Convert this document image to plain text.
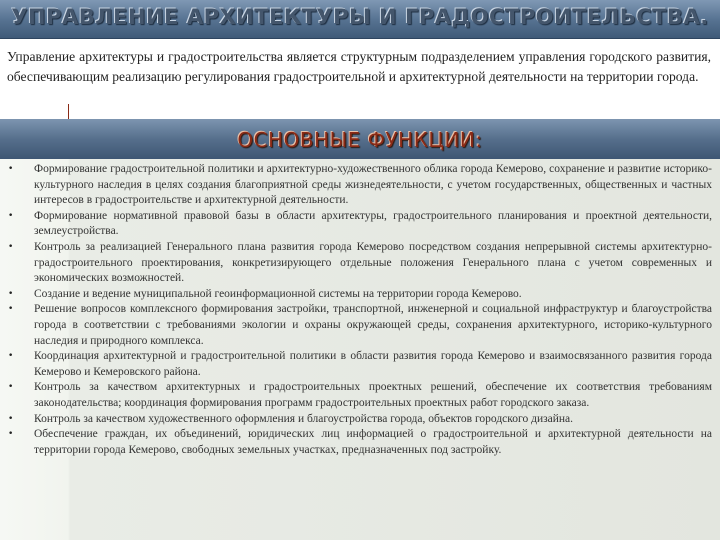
УПРАВЛЕНИЕ АРХИТЕКТУРЫ И ГРАДОСТРОИТЕЛЬСТВА.
Управление архитектуры и градостроительства является структурным подразделением управления городского развития, обеспечивающим реализацию регулирования градостроительной и архитектурной деятельности на территории города.
ОСНОВНЫЕ ФУНКЦИИ:
•	Формирование градостроительной политики и архитектурно-художественного облика города Кемерово, сохранение и развитие историко-культурного наследия в целях создания благоприятной среды жизнедеятельности, с учетом государственных, общественных и частных интересов в градостроительстве и архитектурной деятельности.
•	Формирование нормативной правовой базы в области архитектуры, градостроительного планирования и проектной деятельности, землеустройства.
•	Контроль за реализацией Генерального плана развития города Кемерово посредством создания непрерывной системы архитектурно-градостроительного проектирования, конкретизирующего отдельные положения Генерального плана с учетом современных и экономических возможностей.
•	Создание и ведение муниципальной геоинформационной системы на территории города Кемерово.
•	Решение вопросов комплексного формирования застройки, транспортной, инженерной и социальной инфраструктур и благоустройства города в соответствии с требованиями экологии и охраны окружающей среды, сохранения архитектурного, историко-культурного наследия и природного комплекса.
•	Координация архитектурной и градостроительной политики в области развития города Кемерово и взаимосвязанного развития города Кемерово и Кемеровского района.
•	Контроль за качеством архитектурных и градостроительных проектных решений, обеспечение их соответствия требованиям законодательства; координация формирования программ градостроительных проектных работ городского заказа.
•	Контроль за качеством художественного оформления и благоустройства города, объектов городского дизайна.
•	Обеспечение граждан, их объединений, юридических лиц информацией о градостроительной и архитектурной деятельности на территории города Кемерово, свободных земельных участках, предназначенных под застройку.
